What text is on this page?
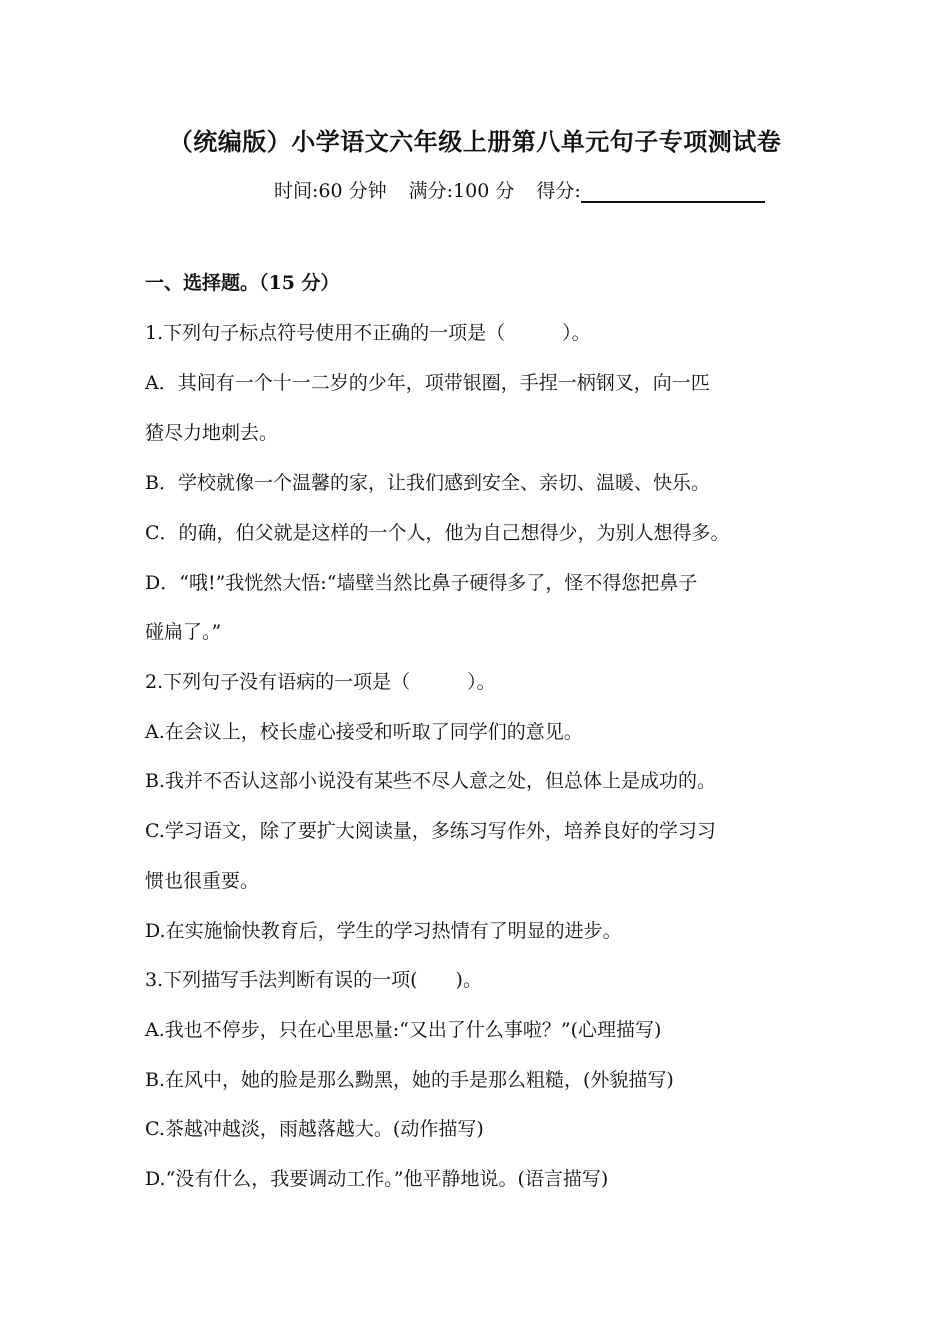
（统编版）小学语文六年级上册第八单元句子专项测试卷
时间:60 分钟 满分:100 分 得分:
一、选择题。（15 分）
1.下列句子标点符号使用不正确的一项是（　　　）。
A．其间有一个十一二岁的少年，项带银圈，手捏一柄钢叉，向一匹
猹尽力地刺去。
B．学校就像一个温馨的家，让我们感到安全、亲切、温暖、快乐。
C．的确，伯父就是这样的一个人，他为自己想得少，为别人想得多。
D．“哦!”我恍然大悟:“墙壁当然比鼻子硬得多了，怪不得您把鼻子
碰扁了。”
2.下列句子没有语病的一项是（　　　）。
A.在会议上，校长虚心接受和听取了同学们的意见。
B.我并不否认这部小说没有某些不尽人意之处，但总体上是成功的。
C.学习语文，除了要扩大阅读量，多练习写作外，培养良好的学习习
惯也很重要。
D.在实施愉快教育后，学生的学习热情有了明显的进步。
3.下列描写手法判断有误的一项(　　)。
A.我也不停步，只在心里思量:“又出了什么事啦？”(心理描写)
B.在风中，她的脸是那么黝黑，她的手是那么粗糙，(外貌描写)
C.茶越冲越淡，雨越落越大。(动作描写)
D.“没有什么，我要调动工作。”他平静地说。(语言描写)
